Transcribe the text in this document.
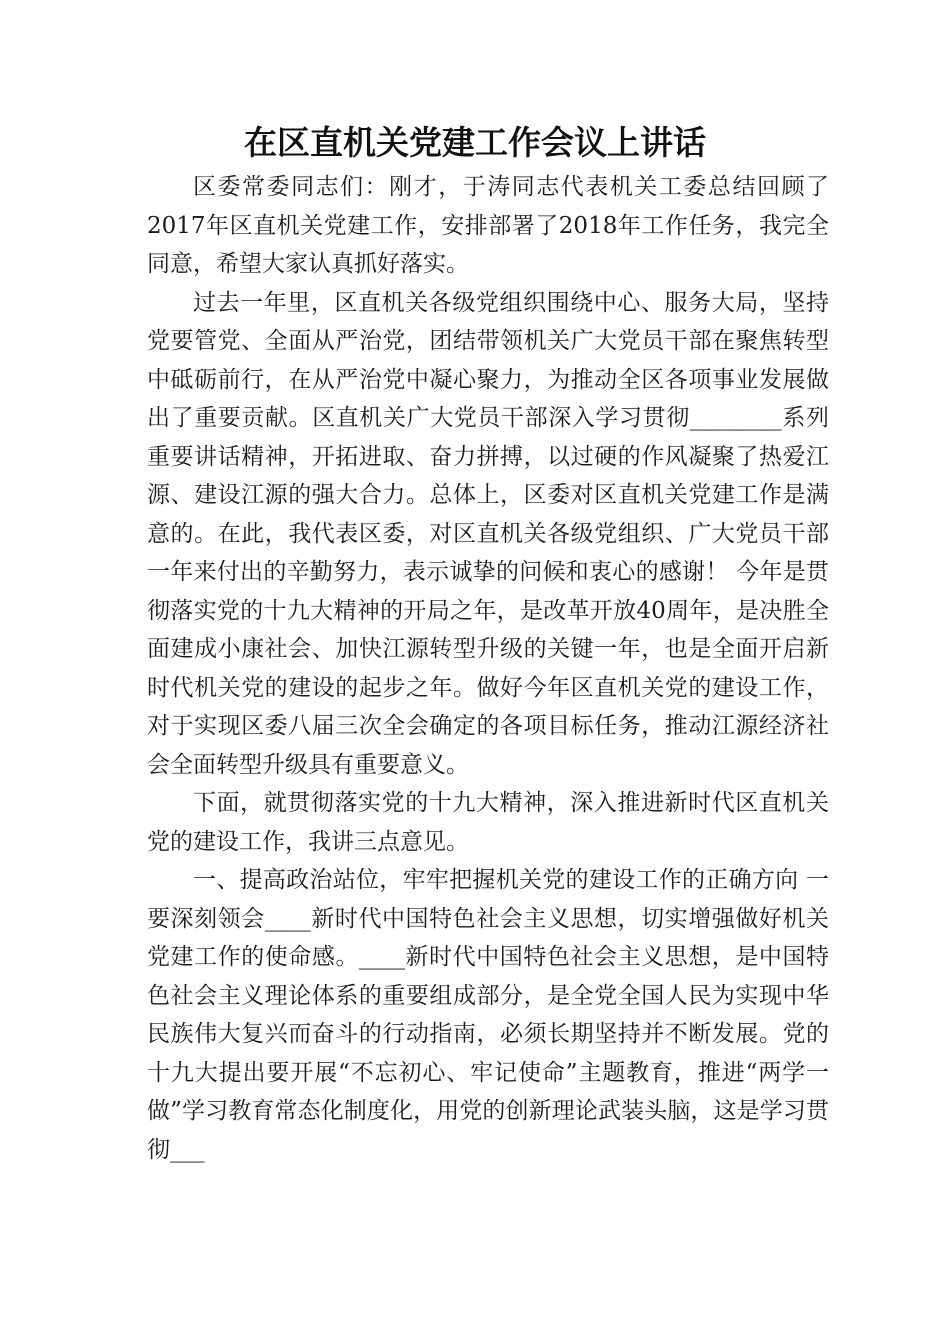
在区直机关党建工作会议上讲话

区委常委同志们：刚才，于涛同志代表机关工委总结回顾了2017年区直机关党建工作，安排部署了2018年工作任务，我完全同意，希望大家认真抓好落实。

过去一年里，区直机关各级党组织围绕中心、服务大局，坚持党要管党、全面从严治党，团结带领机关广大党员干部在聚焦转型中砥砺前行，在从严治党中凝心聚力，为推动全区各项事业发展做出了重要贡献。区直机关广大党员干部深入学习贯彻________系列重要讲话精神，开拓进取、奋力拼搏，以过硬的作风凝聚了热爱江源、建设江源的强大合力。总体上，区委对区直机关党建工作是满意的。在此，我代表区委，对区直机关各级党组织、广大党员干部一年来付出的辛勤努力，表示诚挚的问候和衷心的感谢！ 今年是贯彻落实党的十九大精神的开局之年，是改革开放40周年，是决胜全面建成小康社会、加快江源转型升级的关键一年，也是全面开启新时代机关党的建设的起步之年。做好今年区直机关党的建设工作，对于实现区委八届三次全会确定的各项目标任务，推动江源经济社会全面转型升级具有重要意义。

下面，就贯彻落实党的十九大精神，深入推进新时代区直机关党的建设工作，我讲三点意见。

一、提高政治站位，牢牢把握机关党的建设工作的正确方向 一要深刻领会____新时代中国特色社会主义思想，切实增强做好机关党建工作的使命感。____新时代中国特色社会主义思想，是中国特色社会主义理论体系的重要组成部分，是全党全国人民为实现中华民族伟大复兴而奋斗的行动指南，必须长期坚持并不断发展。党的十九大提出要开展“不忘初心、牢记使命”主题教育，推进“两学一做”学习教育常态化制度化，用党的创新理论武装头脑，这是学习贯彻___
